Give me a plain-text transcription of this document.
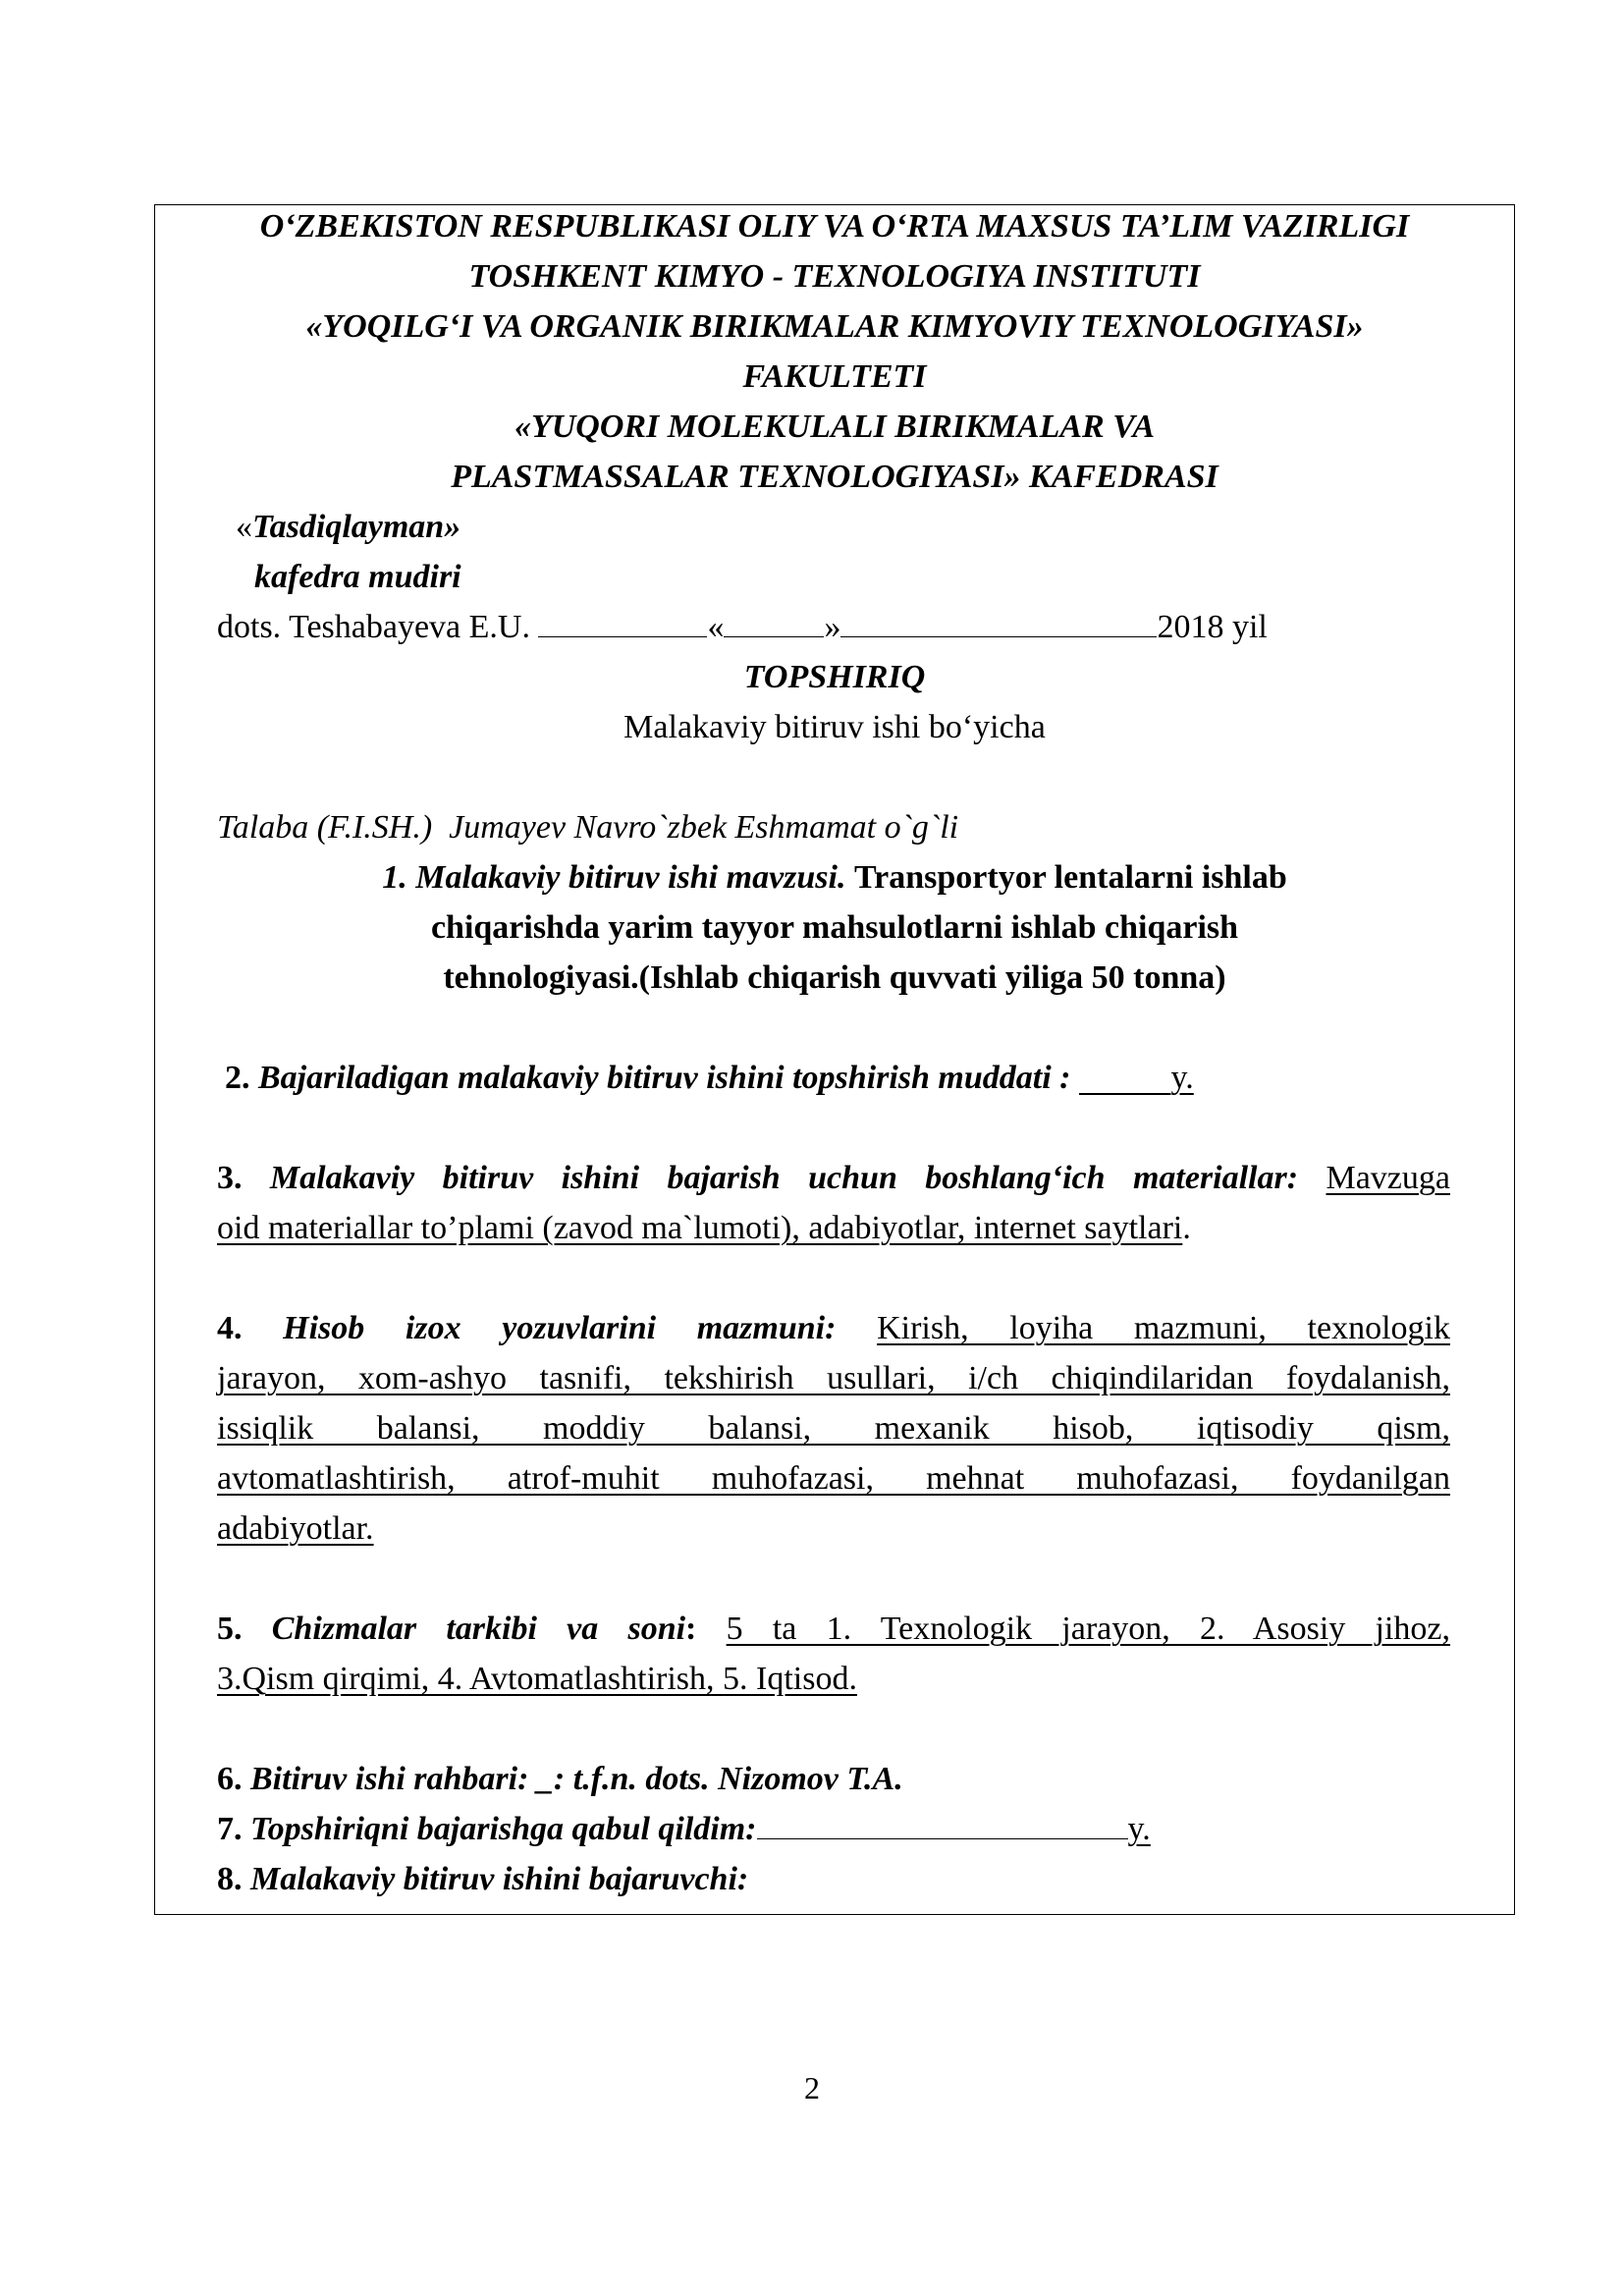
O‘ZBEKISTON RESPUBLIKASI OLIY VA O‘RTA MAXSUS TA’LIM VAZIRLIGI
TOSHKENT KIMYO - TEXNOLOGIYA INSTITUTI
«YOQILG‘I VA ORGANIK BIRIKMALAR KIMYOVIY TEXNOLOGIYASI»
FAKULTETI
«YUQORI MOLEKULALI BIRIKMALAR VA
PLASTMASSALAR TEXNOLOGIYASI» KAFEDRASI
«Tasdiqlayman»
kafedra mudiri
dots. Teshabayeva E.U.	«	»	2018 yil
TOPSHIRIQ
Malakaviy bitiruv ishi bo‘yicha
Talaba (F.I.SH.) Jumayev Navro`zbek Eshmamat o`g`li
1. Malakaviy bitiruv ishi mavzusi. Transportyor lentalarni ishlab
chiqarishda yarim tayyor mahsulotlarni ishlab chiqarish
tehnologiyasi.(Ishlab chiqarish quvvati yiliga 50 tonna)
2. Bajariladigan malakaviy bitiruv ishini topshirish muddati :	y.
3. Malakaviy bitiruv ishini bajarish uchun boshlang‘ich materiallar: Mavzuga
oid materiallar to’plami (zavod ma`lumoti), adabiyotlar, internet saytlari.
4. Hisob izox yozuvlarini mazmuni: Kirish, loyiha mazmuni, texnologik
jarayon, xom-ashyo tasnifi, tekshirish usullari, i/ch chiqindilaridan foydalanish,
issiqlik balansi, moddiy balansi, mexanik hisob, iqtisodiy qism,
avtomatlashtirish, atrof-muhit muhofazasi, mehnat muhofazasi, foydanilgan
adabiyotlar.
5. Chizmalar tarkibi va soni: 5 ta 1. Texnologik jarayon, 2. Asosiy jihoz,
3.Qism qirqimi, 4. Avtomatlashtirish, 5. Iqtisod.
6. Bitiruv ishi rahbari: _: t.f.n. dots. Nizomov T.A.
7. Topshiriqni bajarishga qabul qildim:	y.
8. Malakaviy bitiruv ishini bajaruvchi:
2
